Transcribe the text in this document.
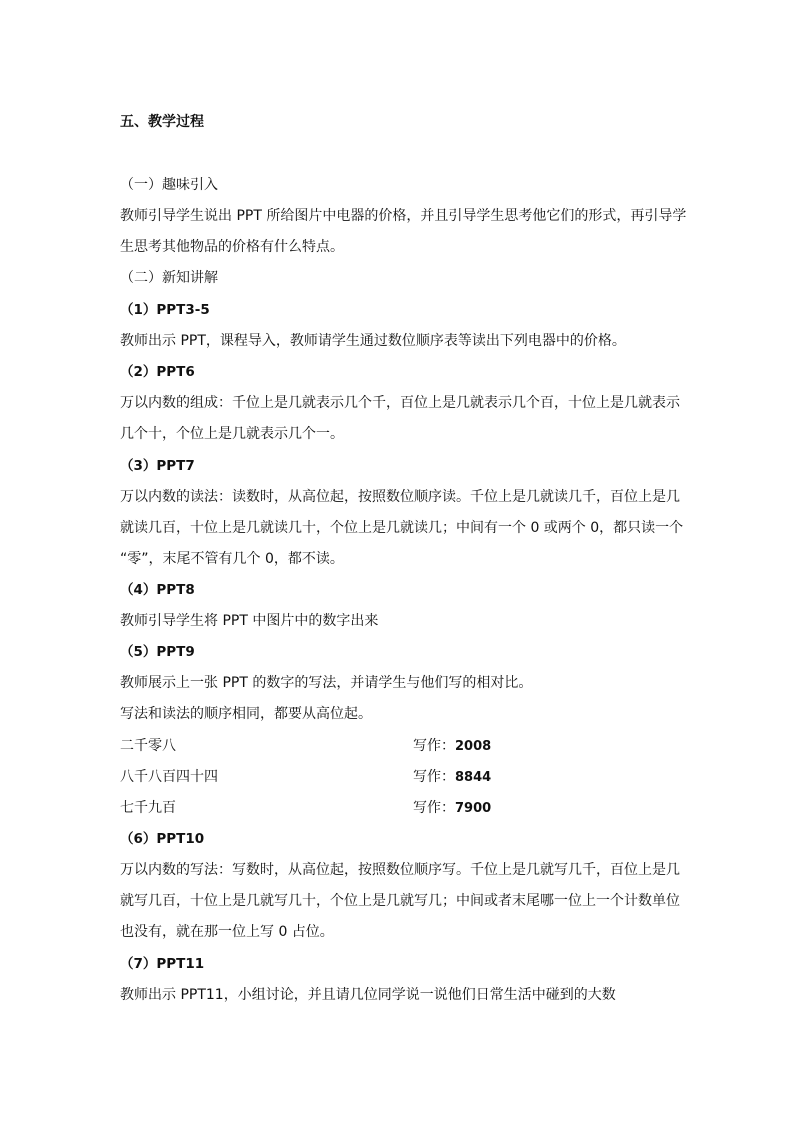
五、教学过程
（一）趣味引入
教师引导学生说出 PPT 所给图片中电器的价格，并且引导学生思考他它们的形式，再引导学
生思考其他物品的价格有什么特点。
（二）新知讲解
（1）PPT3-5
教师出示 PPT，课程导入，教师请学生通过数位顺序表等读出下列电器中的价格。
（2）PPT6
万以内数的组成：千位上是几就表示几个千，百位上是几就表示几个百，十位上是几就表示
几个十，个位上是几就表示几个一。
（3）PPT7
万以内数的读法：读数时，从高位起，按照数位顺序读。千位上是几就读几千，百位上是几
就读几百，十位上是几就读几十，个位上是几就读几；中间有一个 0 或两个 0，都只读一个
“零”，末尾不管有几个 0，都不读。
（4）PPT8
教师引导学生将 PPT 中图片中的数字出来
（5）PPT9
教师展示上一张 PPT 的数字的写法，并请学生与他们写的相对比。
写法和读法的顺序相同，都要从高位起。
二千零八	写作：2008
八千八百四十四	写作：8844
七千九百	写作：7900
（6）PPT10
万以内数的写法：写数时，从高位起，按照数位顺序写。千位上是几就写几千，百位上是几
就写几百，十位上是几就写几十，个位上是几就写几；中间或者末尾哪一位上一个计数单位
也没有，就在那一位上写 0 占位。
（7）PPT11
教师出示 PPT11，小组讨论，并且请几位同学说一说他们日常生活中碰到的大数
